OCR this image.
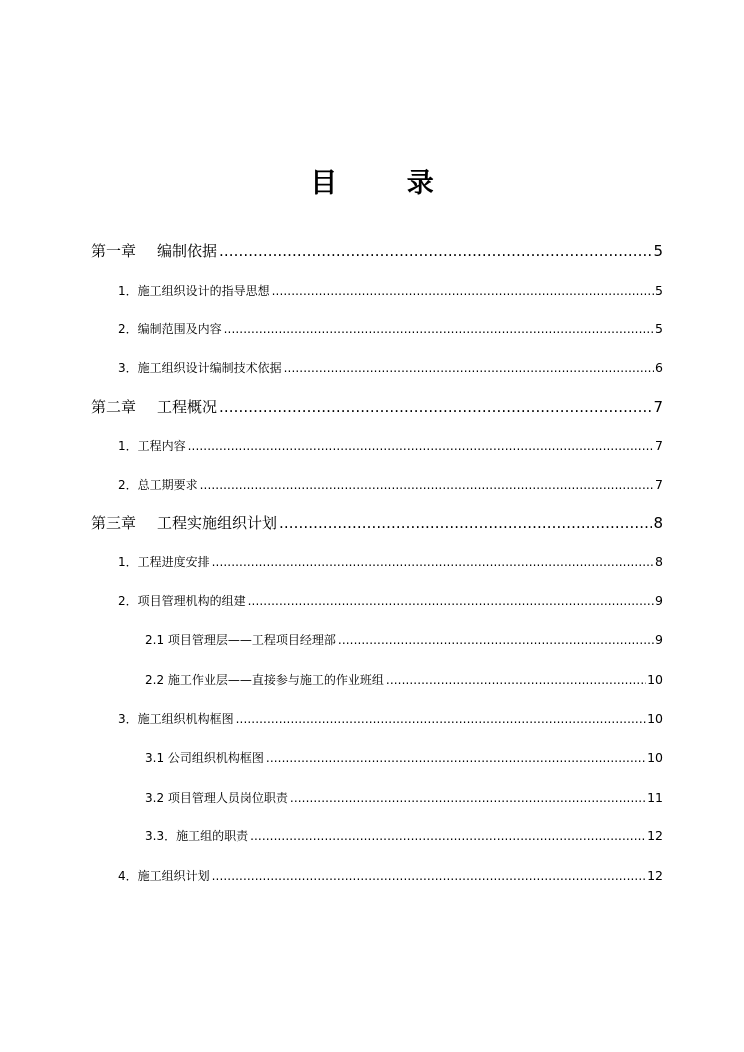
目 录
第一章 编制依据 .....	5
1．施工组织设计的指导思想 .....	5
2．编制范围及内容 .....	5
3．施工组织设计编制技术依据 .....	6
第二章 工程概况 .....	7
1．工程内容 .....	7
2．总工期要求 .....	7
第三章 工程实施组织计划 .....	8
1．工程进度安排 .....	8
2．项目管理机构的组建 .....	9
2.1 项目管理层——工程项目经理部 .....	9
2.2 施工作业层——直接参与施工的作业班组 .....	10
3．施工组织机构框图 .....	10
3.1 公司组织机构框图 .....	10
3.2 项目管理人员岗位职责 .....	11
3.3．施工组的职责 .....	12
4．施工组织计划 .....	12
